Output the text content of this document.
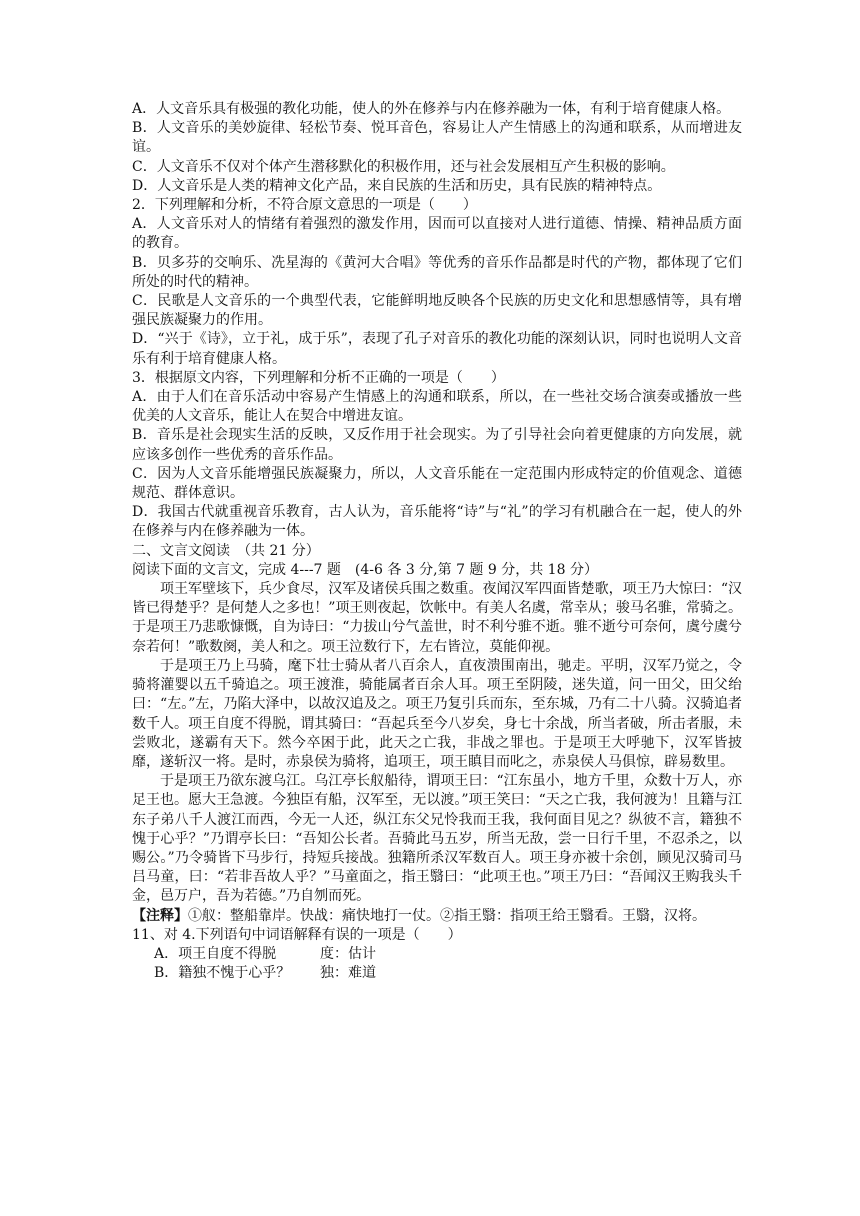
A．人文音乐具有极强的教化功能，使人的外在修养与内在修养融为一体，有利于培育健康人格。

B．人文音乐的美妙旋律、轻松节奏、悦耳音色，容易让人产生情感上的沟通和联系，从而增进友谊。

C．人文音乐不仅对个体产生潜移默化的积极作用，还与社会发展相互产生积极的影响。

D．人文音乐是人类的精神文化产品，来自民族的生活和历史，具有民族的精神特点。

2．下列理解和分析，不符合原文意思的一项是（　　）

A．人文音乐对人的情绪有着强烈的激发作用，因而可以直接对人进行道德、情操、精神品质方面的教育。

B．贝多芬的交响乐、冼星海的《黄河大合唱》等优秀的音乐作品都是时代的产物，都体现了它们所处的时代的精神。

C．民歌是人文音乐的一个典型代表，它能鲜明地反映各个民族的历史文化和思想感情等，具有增强民族凝聚力的作用。

D．“兴于《诗》，立于礼，成于乐”，表现了孔子对音乐的教化功能的深刻认识，同时也说明人文音乐有利于培育健康人格。

3．根据原文内容，下列理解和分析不正确的一项是（　　）

A．由于人们在音乐活动中容易产生情感上的沟通和联系，所以，在一些社交场合演奏或播放一些优美的人文音乐，能让人在契合中增进友谊。

B．音乐是社会现实生活的反映，又反作用于社会现实。为了引导社会向着更健康的方向发展，就应该多创作一些优秀的音乐作品。

C．因为人文音乐能增强民族凝聚力，所以，人文音乐能在一定范围内形成特定的价值观念、道德规范、群体意识。

D．我国古代就重视音乐教育，古人认为，音乐能将“诗”与“礼”的学习有机融合在一起，使人的外在修养与内在修养融为一体。

二、文言文阅读　（共 21 分）

阅读下面的文言文，完成 4---7 题　(4-6 各 3 分,第 7 题 9 分，共 18 分）

项王军壁垓下，兵少食尽，汉军及诸侯兵围之数重。夜闻汉军四面皆楚歌，项王乃大惊曰：“汉皆已得楚乎？是何楚人之多也！”项王则夜起，饮帐中。有美人名虞，常幸从；骏马名骓，常骑之。于是项王乃悲歌慷慨，自为诗曰：“力拔山兮气盖世，时不利兮骓不逝。骓不逝兮可奈何，虞兮虞兮奈若何！”歌数阕，美人和之。项王泣数行下，左右皆泣，莫能仰视。

于是项王乃上马骑，麾下壮士骑从者八百余人，直夜溃围南出，驰走。平明，汉军乃觉之，令骑将灌婴以五千骑追之。项王渡淮，骑能属者百余人耳。项王至阴陵，迷失道，问一田父，田父绐曰：“左。”左，乃陷大泽中，以故汉追及之。项王乃复引兵而东，至东城，乃有二十八骑。汉骑追者数千人。项王自度不得脱，谓其骑曰：“吾起兵至今八岁矣，身七十余战，所当者破，所击者服，未尝败北，遂霸有天下。然今卒困于此，此天之亡我，非战之罪也。于是项王大呼驰下，汉军皆披靡，遂斩汉一将。是时，赤泉侯为骑将，追项王，项王瞋目而叱之，赤泉侯人马俱惊，辟易数里。

于是项王乃欲东渡乌江。乌江亭长舣船待，谓项王曰：“江东虽小，地方千里，众数十万人，亦足王也。愿大王急渡。今独臣有船，汉军至，无以渡。”项王笑曰：“天之亡我，我何渡为！且籍与江东子弟八千人渡江而西，今无一人还，纵江东父兄怜我而王我，我何面目见之？纵彼不言，籍独不愧于心乎？”乃谓亭长曰：“吾知公长者。吾骑此马五岁，所当无敌，尝一日行千里，不忍杀之，以赐公。”乃令骑皆下马步行，持短兵接战。独籍所杀汉军数百人。项王身亦被十余创，顾见汉骑司马吕马童，曰：“若非吾故人乎？”马童面之，指王翳曰：“此项王也。”项王乃曰：“吾闻汉王购我头千金，邑万户，吾为若德。”乃自刎而死。

【注释】①舣：整船靠岸。快战：痛快地打一仗。②指王翳：指项王给王翳看。王翳，汉将。

11、对 4.下列语句中词语解释有误的一项是（　　）

A．项王自度不得脱	度：估计
B．籍独不愧于心乎？	独：难道
